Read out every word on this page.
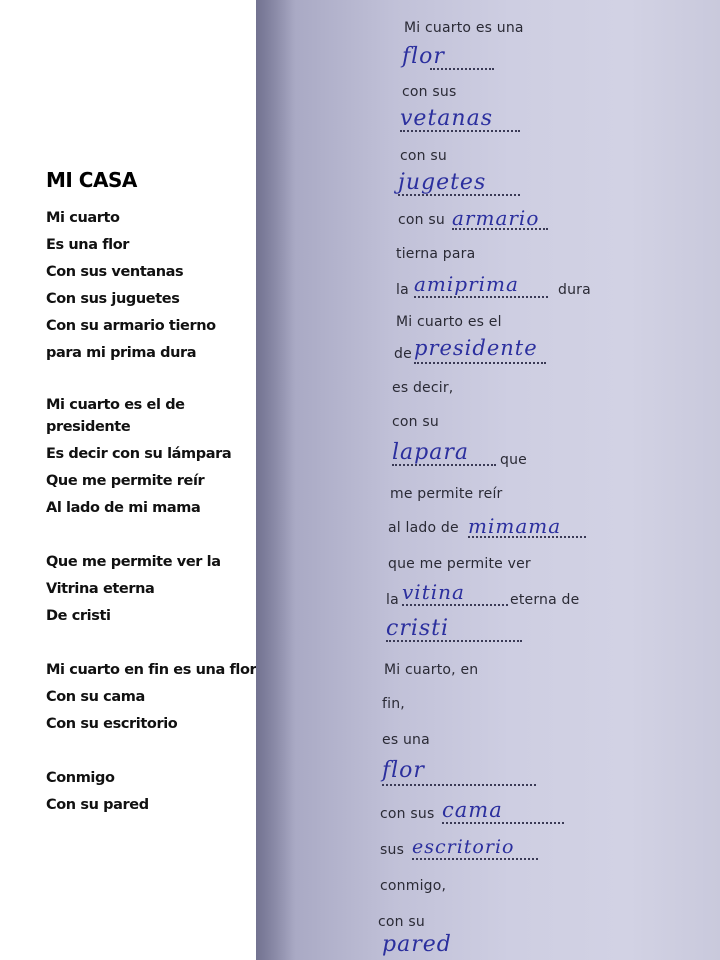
MI CASA
Mi cuarto
Es una flor
Con sus ventanas
Con sus juguetes
Con su armario tierno
para mi prima dura
Mi cuarto es el de presidente
Es decir con su lámpara
Que me permite reír
Al lado de mi mama
Que me permite ver la
Vitrina eterna
De cristi
Mi cuarto en fin es una flor
Con su cama
Con su escritorio
Conmigo
Con su pared
Mi cuarto es una
flor
con sus
vetanas
con su
jugetes
con su armario
tierna para
la amiprima	dura
Mi cuarto es el
de presidente
es decir,
con su
lapara que
me permite reír
al lado de mimama
que me permite ver
la vitina	eterna de
cristi
Mi cuarto, en
fin,
es una
flor
con sus cama
sus escritorio
conmigo,
con su
pared
